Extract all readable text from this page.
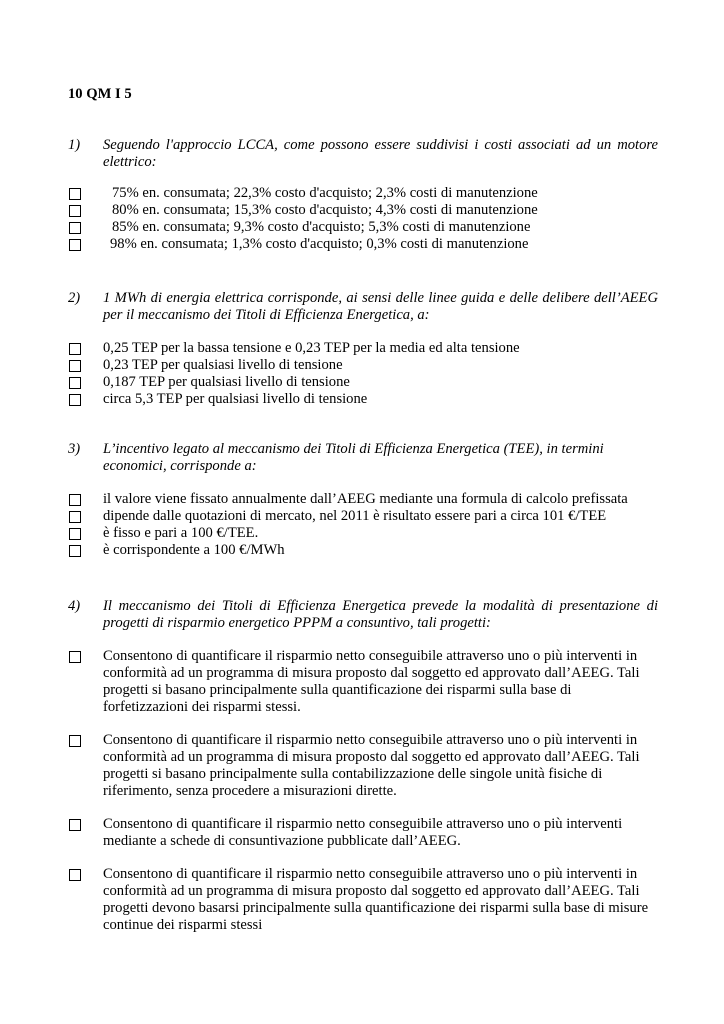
10 QM I 5
1)	Seguendo l'approccio LCCA, come possono essere suddivisi i costi associati ad un motore elettrico:
75% en. consumata; 22,3% costo d'acquisto; 2,3% costi di manutenzione
80% en. consumata; 15,3% costo d'acquisto; 4,3% costi di manutenzione
85% en. consumata; 9,3% costo d'acquisto; 5,3% costi di manutenzione
98% en. consumata; 1,3% costo d'acquisto; 0,3% costi di manutenzione
2)	1 MWh di energia elettrica corrisponde, ai sensi delle linee guida e delle delibere dell’AEEG per il meccanismo dei Titoli di Efficienza Energetica, a:
0,25 TEP per la bassa tensione e 0,23 TEP per la media ed alta tensione
0,23 TEP per qualsiasi livello di tensione
0,187 TEP per qualsiasi livello di tensione
circa 5,3 TEP per qualsiasi livello di tensione
3)	L’incentivo legato al meccanismo dei Titoli di Efficienza Energetica (TEE), in termini economici, corrisponde a:
il valore viene fissato annualmente dall’AEEG mediante una formula di calcolo prefissata
dipende dalle quotazioni di mercato, nel 2011 è risultato essere pari a circa 101 €/TEE
è fisso e pari a 100 €/TEE.
è corrispondente a 100 €/MWh
4)	Il meccanismo dei Titoli di Efficienza Energetica prevede la modalità di presentazione di progetti di risparmio energetico PPPM a consuntivo, tali progetti:
Consentono di quantificare il risparmio netto conseguibile attraverso uno o più interventi in conformità ad un programma di misura proposto dal soggetto ed approvato dall’AEEG. Tali progetti si basano principalmente sulla quantificazione dei risparmi sulla base di forfetizzazioni dei risparmi stessi.
Consentono di quantificare il risparmio netto conseguibile attraverso uno o più interventi in conformità ad un programma di misura proposto dal soggetto ed approvato dall’AEEG. Tali progetti si basano principalmente sulla contabilizzazione delle singole unità fisiche di riferimento, senza procedere a misurazioni dirette.
Consentono di quantificare il risparmio netto conseguibile attraverso uno o più interventi mediante a schede di consuntivazione pubblicate dall’AEEG.
Consentono di quantificare il risparmio netto conseguibile attraverso uno o più interventi in conformità ad un programma di misura proposto dal soggetto ed approvato dall’AEEG. Tali progetti devono basarsi principalmente sulla quantificazione dei risparmi sulla base di misure continue dei risparmi stessi
